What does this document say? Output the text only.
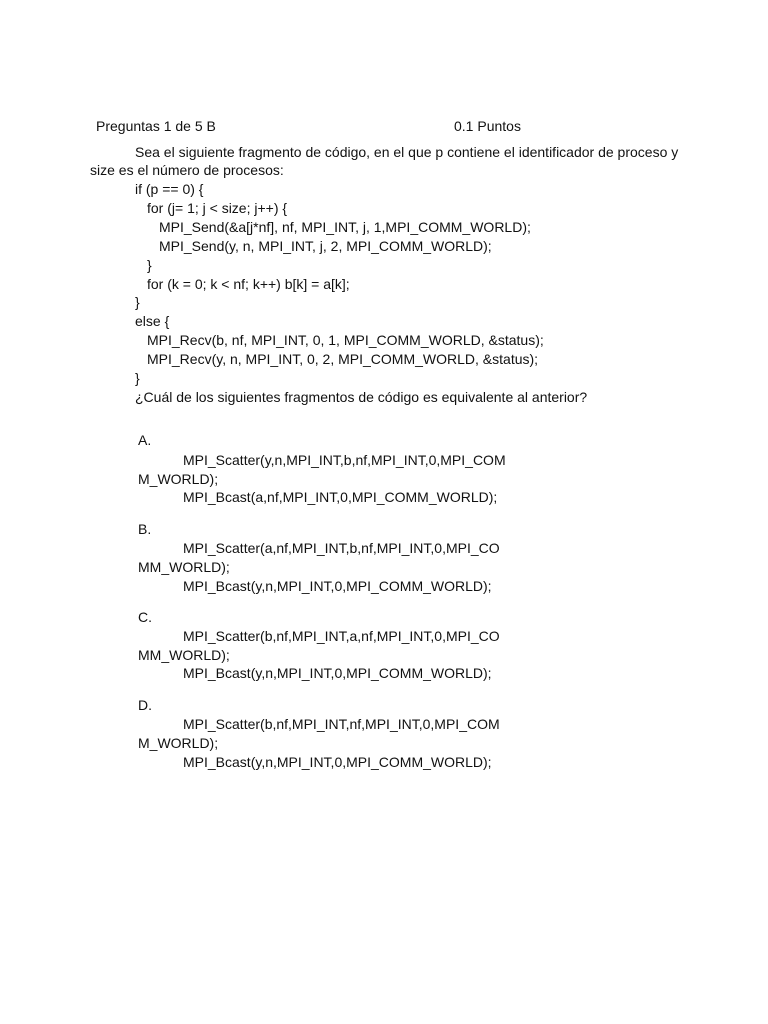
Preguntas 1 de 5 B	0.1 Puntos
Sea el siguiente fragmento de código, en el que p contiene el identificador de proceso y
size es el número de procesos:
if (p == 0) {
for (j= 1; j < size; j++) {
MPI_Send(&a[j*nf], nf, MPI_INT, j, 1,MPI_COMM_WORLD);
MPI_Send(y, n, MPI_INT, j, 2, MPI_COMM_WORLD);
}
for (k = 0; k < nf; k++) b[k] = a[k];
}
else {
MPI_Recv(b, nf, MPI_INT, 0, 1, MPI_COMM_WORLD, &status);
MPI_Recv(y, n, MPI_INT, 0, 2, MPI_COMM_WORLD, &status);
}
¿Cuál de los siguientes fragmentos de código es equivalente al anterior?
A.
MPI_Scatter(y,n,MPI_INT,b,nf,MPI_INT,0,MPI_COM
M_WORLD);
MPI_Bcast(a,nf,MPI_INT,0,MPI_COMM_WORLD);
B.
MPI_Scatter(a,nf,MPI_INT,b,nf,MPI_INT,0,MPI_CO
MM_WORLD);
MPI_Bcast(y,n,MPI_INT,0,MPI_COMM_WORLD);
C.
MPI_Scatter(b,nf,MPI_INT,a,nf,MPI_INT,0,MPI_CO
MM_WORLD);
MPI_Bcast(y,n,MPI_INT,0,MPI_COMM_WORLD);
D.
MPI_Scatter(b,nf,MPI_INT,nf,MPI_INT,0,MPI_COM
M_WORLD);
MPI_Bcast(y,n,MPI_INT,0,MPI_COMM_WORLD);
